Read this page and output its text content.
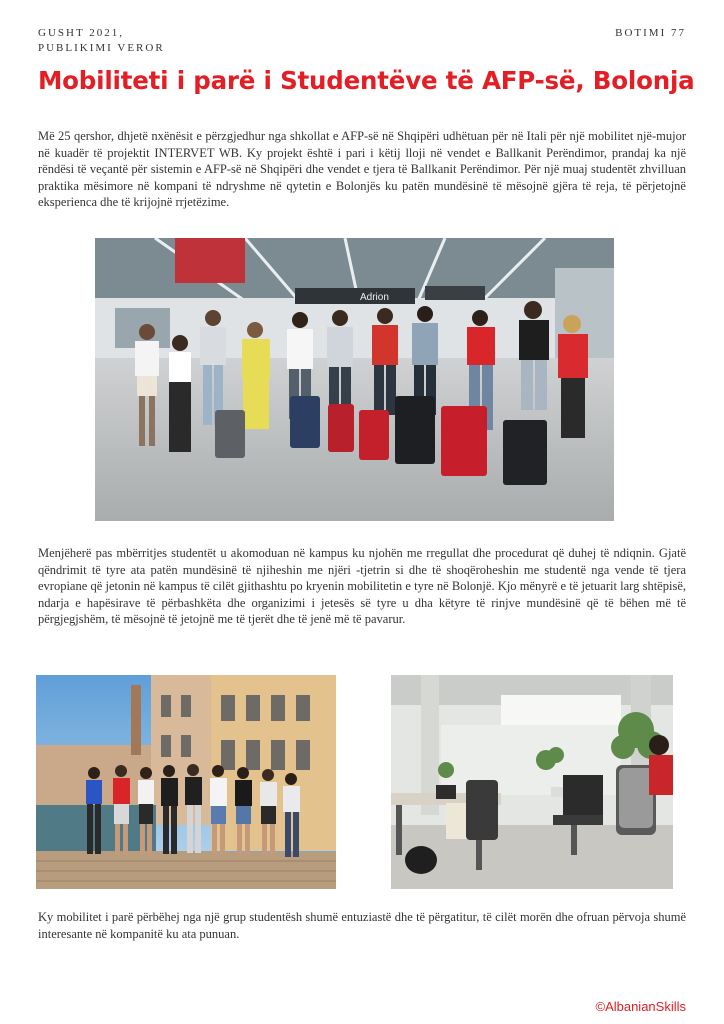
GUSHT 2021,
PUBLIKIMI VEROR
BOTIMI 77
Mobiliteti i parë i Studentëve të AFP-së, Bolonja
Më 25 qershor, dhjetë nxënësit e përzgjedhur nga shkollat e AFP-së në Shqipëri udhëtuan për në Itali për një mobilitet një-mujor në kuadër të projektit INTERVET WB. Ky projekt është i pari i këtij lloji në vendet e Ballkanit Perëndimor, prandaj ka një rëndësi të veçantë për sistemin e AFP-së në Shqipëri dhe vendet e tjera të Ballkanit Perëndimor. Për një muaj studentët zhvilluan praktika mësimore në kompani të ndryshme në qytetin e Bolonjës ku patën mundësinë të mësojnë gjëra të reja, të përjetojnë eksperienca dhe të krijojnë rrjetëzime.
Adrion
Menjëherë pas mbërritjes studentët u akomoduan në kampus ku njohën me rregullat dhe procedurat që duhej të ndiqnin. Gjatë qëndrimit të tyre ata patën mundësinë të njiheshin me njëri -tjetrin si dhe të shoqëroheshin me studentë nga vende të tjera evropiane që jetonin në kampus të cilët gjithashtu po kryenin mobilitetin e tyre në Bolonjë. Kjo mënyrë e të jetuarit larg shtëpisë, ndarja e hapësirave të përbashkëta dhe organizimi i jetesës së tyre u dha këtyre të rinjve mundësinë që të bëhen më të përgjegjshëm, të mësojnë të jetojnë me të tjerët dhe të jenë më të pavarur.
Ky mobilitet i parë përbëhej nga një grup studentësh shumë entuziastë dhe të përgatitur, të cilët morën dhe ofruan përvoja shumë interesante në kompanitë ku ata punuan.
©AlbanianSkills
